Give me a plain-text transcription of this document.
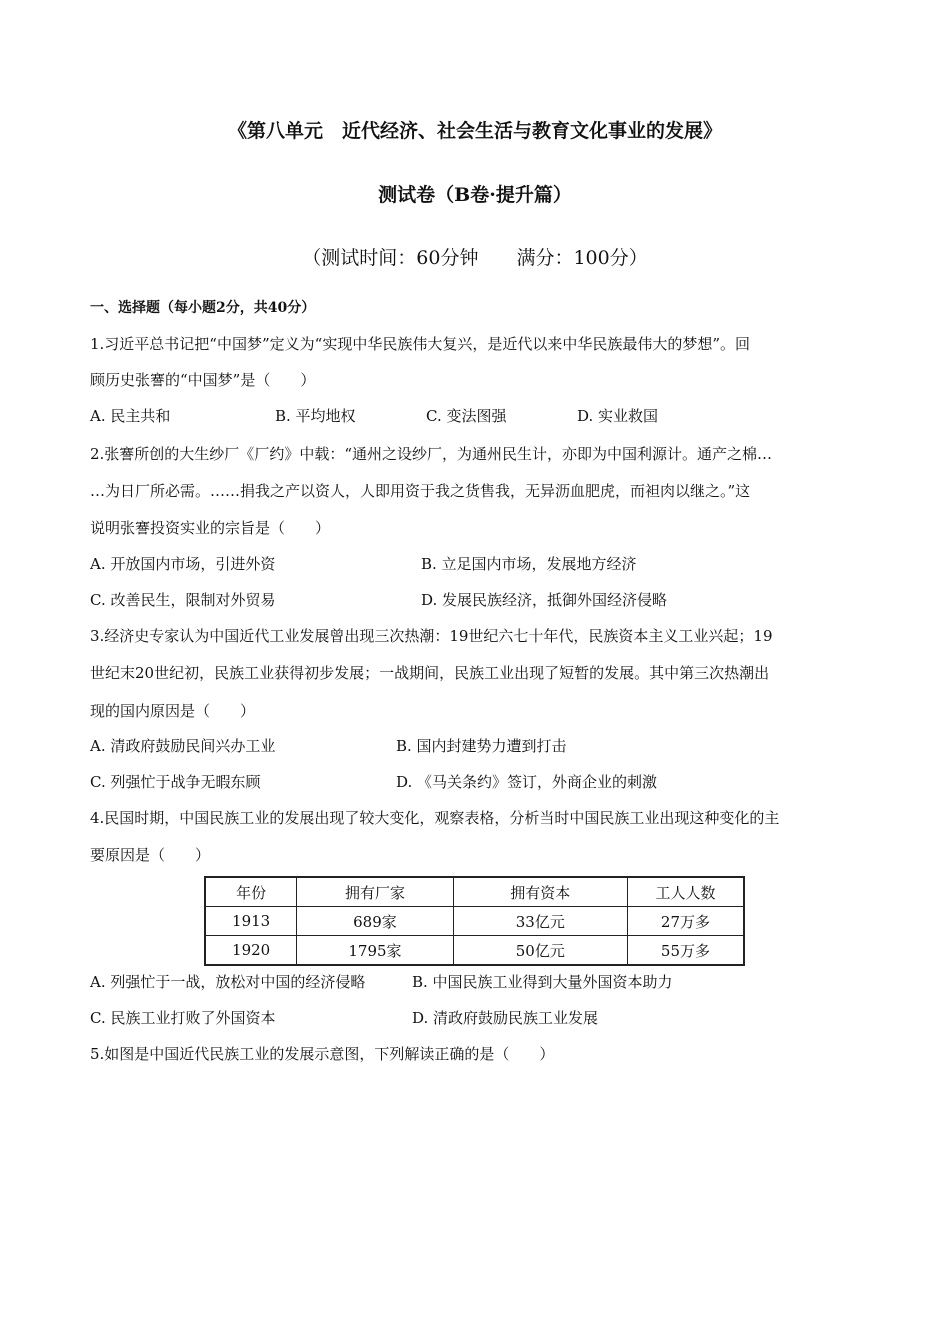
《第八单元　近代经济、社会生活与教育文化事业的发展》
测试卷（B卷·提升篇）
（测试时间：60分钟　　满分：100分）
一、选择题（每小题2分，共40分）
1.习近平总书记把“中国梦”定义为“实现中华民族伟大复兴，是近代以来中华民族最伟大的梦想”。回
顾历史张謇的“中国梦”是（　　）
A. 民主共和	B. 平均地权	C. 变法图强	D. 实业救国
2.张謇所创的大生纱厂《厂约》中载：“通州之设纱厂，为通州民生计，亦即为中国利源计。通产之棉…
…为日厂所必需。……捐我之产以资人，人即用资于我之货售我，无异沥血肥虎，而袒肉以继之。”这
说明张謇投资实业的宗旨是（　　）
A. 开放国内市场，引进外资	B. 立足国内市场，发展地方经济
C. 改善民生，限制对外贸易	D. 发展民族经济，抵御外国经济侵略
3.经济史专家认为中国近代工业发展曾出现三次热潮：19世纪六七十年代，民族资本主义工业兴起；19
世纪末20世纪初，民族工业获得初步发展；一战期间，民族工业出现了短暂的发展。其中第三次热潮出
现的国内原因是（　　）
A. 清政府鼓励民间兴办工业	B. 国内封建势力遭到打击
C. 列强忙于战争无暇东顾	D. 《马关条约》签订，外商企业的刺激
4.民国时期，中国民族工业的发展出现了较大变化，观察表格，分析当时中国民族工业出现这种变化的主
要原因是（　　）
年份	拥有厂家	拥有资本	工人人数
1913	689家	33亿元	27万多
1920	1795家	50亿元	55万多
A. 列强忙于一战，放松对中国的经济侵略	B. 中国民族工业得到大量外国资本助力
C. 民族工业打败了外国资本	D. 清政府鼓励民族工业发展
5.如图是中国近代民族工业的发展示意图，下列解读正确的是（　　）
